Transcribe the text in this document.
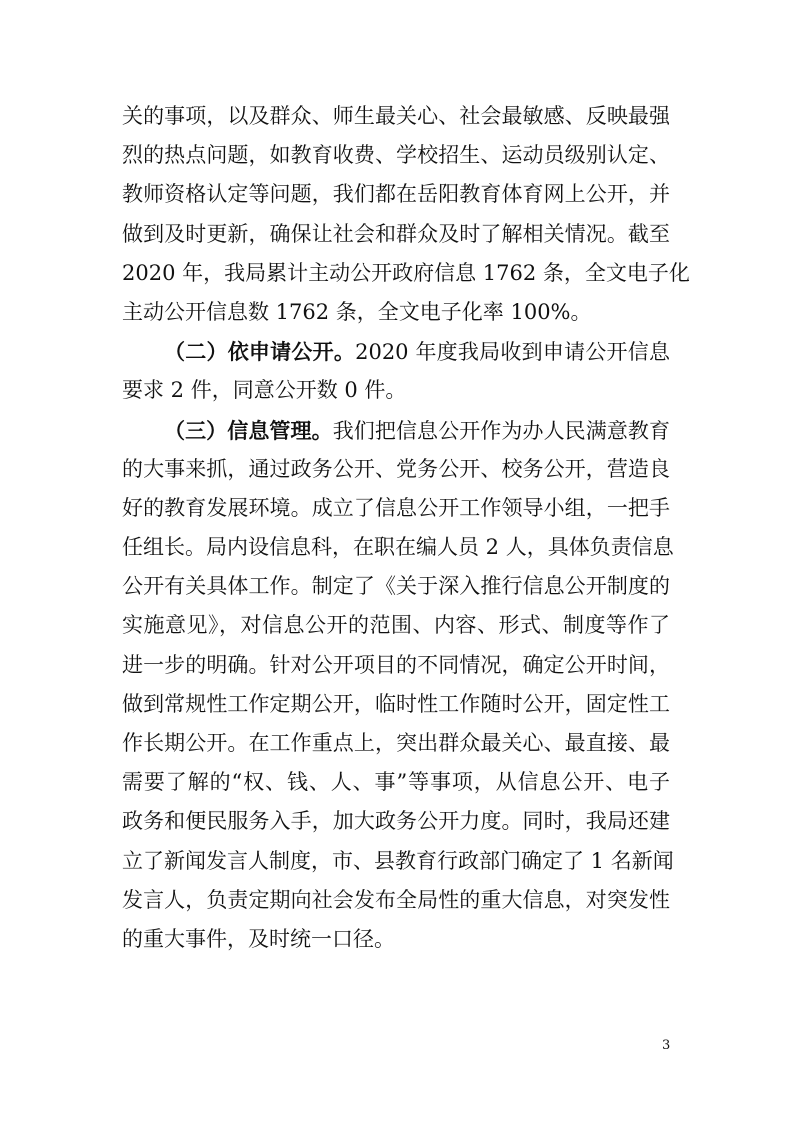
关的事项，以及群众、师生最关心、社会最敏感、反映最强
烈的热点问题，如教育收费、学校招生、运动员级别认定、
教师资格认定等问题，我们都在岳阳教育体育网上公开，并
做到及时更新，确保让社会和群众及时了解相关情况。截至
2020 年，我局累计主动公开政府信息 1762 条，全文电子化
主动公开信息数 1762 条，全文电子化率 100%。
（二）依申请公开。2020 年度我局收到申请公开信息
要求 2 件，同意公开数 0 件。
（三）信息管理。我们把信息公开作为办人民满意教育
的大事来抓，通过政务公开、党务公开、校务公开，营造良
好的教育发展环境。成立了信息公开工作领导小组，一把手
任组长。局内设信息科，在职在编人员 2 人，具体负责信息
公开有关具体工作。制定了《关于深入推行信息公开制度的
实施意见》，对信息公开的范围、内容、形式、制度等作了
进一步的明确。针对公开项目的不同情况，确定公开时间，
做到常规性工作定期公开，临时性工作随时公开，固定性工
作长期公开。在工作重点上，突出群众最关心、最直接、最
需要了解的“权、钱、人、事”等事项，从信息公开、电子
政务和便民服务入手，加大政务公开力度。同时，我局还建
立了新闻发言人制度，市、县教育行政部门确定了 1 名新闻
发言人，负责定期向社会发布全局性的重大信息，对突发性
的重大事件，及时统一口径。
3
